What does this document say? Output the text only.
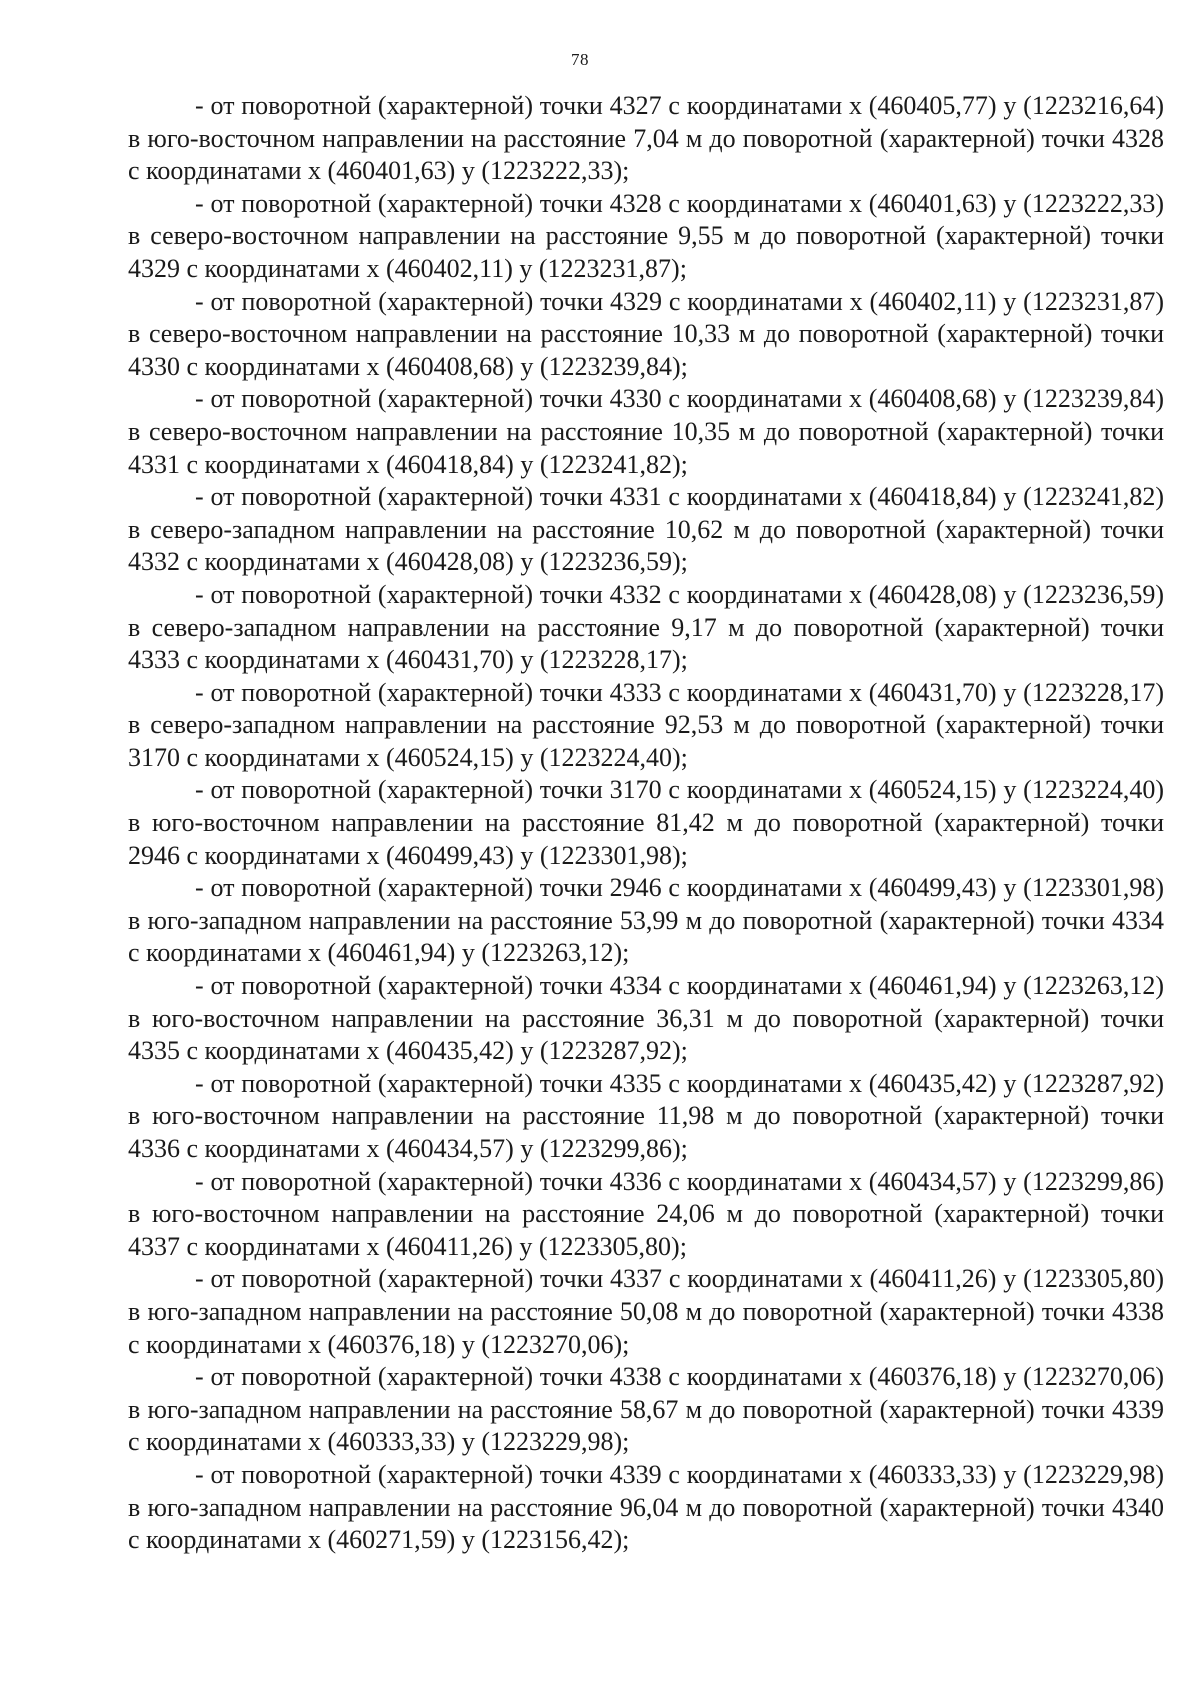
78

- от поворотной (характерной) точки 4327 с координатами х (460405,77) у (1223216,64) в юго-восточном направлении на расстояние 7,04 м до поворотной (характерной) точки 4328 с координатами х (460401,63) у (1223222,33);

- от поворотной (характерной) точки 4328 с координатами х (460401,63) у (1223222,33) в северо-восточном направлении на расстояние 9,55 м до поворотной (характерной) точки 4329 с координатами х (460402,11) у (1223231,87);

- от поворотной (характерной) точки 4329 с координатами х (460402,11) у (1223231,87) в северо-восточном направлении на расстояние 10,33 м до поворотной (характерной) точки 4330 с координатами х (460408,68) у (1223239,84);

- от поворотной (характерной) точки 4330 с координатами х (460408,68) у (1223239,84) в северо-восточном направлении на расстояние 10,35 м до поворотной (характерной) точки 4331 с координатами х (460418,84) у (1223241,82);

- от поворотной (характерной) точки 4331 с координатами х (460418,84) у (1223241,82) в северо-западном направлении на расстояние 10,62 м до поворотной (характерной) точки 4332 с координатами х (460428,08) у (1223236,59);

- от поворотной (характерной) точки 4332 с координатами х (460428,08) у (1223236,59) в северо-западном направлении на расстояние 9,17 м до поворотной (характерной) точки 4333 с координатами х (460431,70) у (1223228,17);

- от поворотной (характерной) точки 4333 с координатами х (460431,70) у (1223228,17) в северо-западном направлении на расстояние 92,53 м до поворотной (характерной) точки 3170 с координатами х (460524,15) у (1223224,40);

- от поворотной (характерной) точки 3170 с координатами х (460524,15) у (1223224,40) в юго-восточном направлении на расстояние 81,42 м до поворотной (характерной) точки 2946 с координатами х (460499,43) у (1223301,98);

- от поворотной (характерной) точки 2946 с координатами х (460499,43) у (1223301,98) в юго-западном направлении на расстояние 53,99 м до поворотной (характерной) точки 4334 с координатами х (460461,94) у (1223263,12);

- от поворотной (характерной) точки 4334 с координатами х (460461,94) у (1223263,12) в юго-восточном направлении на расстояние 36,31 м до поворотной (характерной) точки 4335 с координатами х (460435,42) у (1223287,92);

- от поворотной (характерной) точки 4335 с координатами х (460435,42) у (1223287,92) в юго-восточном направлении на расстояние 11,98 м до поворотной (характерной) точки 4336 с координатами х (460434,57) у (1223299,86);

- от поворотной (характерной) точки 4336 с координатами х (460434,57) у (1223299,86) в юго-восточном направлении на расстояние 24,06 м до поворотной (характерной) точки 4337 с координатами х (460411,26) у (1223305,80);

- от поворотной (характерной) точки 4337 с координатами х (460411,26) у (1223305,80) в юго-западном направлении на расстояние 50,08 м до поворотной (характерной) точки 4338 с координатами х (460376,18) у (1223270,06);

- от поворотной (характерной) точки 4338 с координатами х (460376,18) у (1223270,06) в юго-западном направлении на расстояние 58,67 м до поворотной (характерной) точки 4339 с координатами х (460333,33) у (1223229,98);

- от поворотной (характерной) точки 4339 с координатами х (460333,33) у (1223229,98) в юго-западном направлении на расстояние 96,04 м до поворотной (характерной) точки 4340 с координатами х (460271,59) у (1223156,42);
